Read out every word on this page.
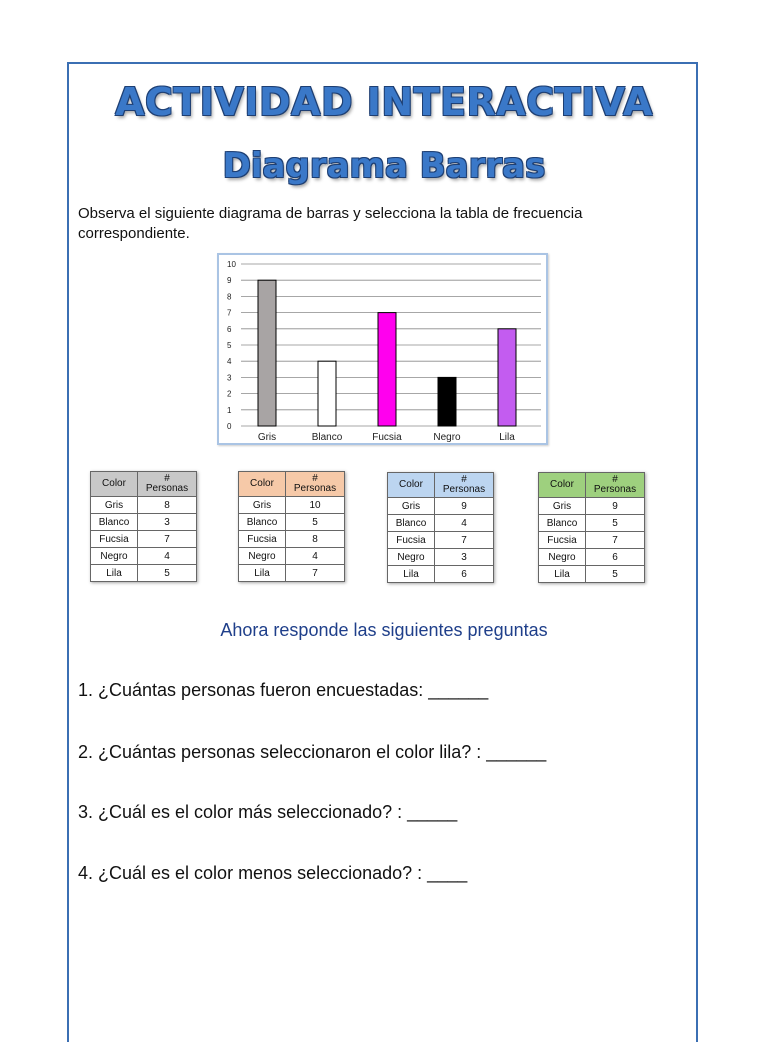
ACTIVIDAD INTERACTIVA
Diagrama Barras
Observa el siguiente diagrama de barras y selecciona la tabla de frecuencia correspondiente.
0
1
2
3
4
5
6
7
8
9
10
Gris	Blanco	Fucsia	Negro	Lila
Color	#
Personas

Gris	8
Blanco	3
Fucsia	7
Negro	4
Lila	5
Color	#
Personas

Gris	10
Blanco	5
Fucsia	8
Negro	4
Lila	7
Color	#
Personas

Gris	9
Blanco	4
Fucsia	7
Negro	3
Lila	6
Color	#
Personas

Gris	9
Blanco	5
Fucsia	7
Negro	6
Lila	5
Ahora responde las siguientes preguntas
1. ¿Cuántas personas fueron encuestadas: ______
2. ¿Cuántas personas seleccionaron el color lila? : ______
3. ¿Cuál es el color más seleccionado? : _____
4. ¿Cuál es el color menos seleccionado? : ____
